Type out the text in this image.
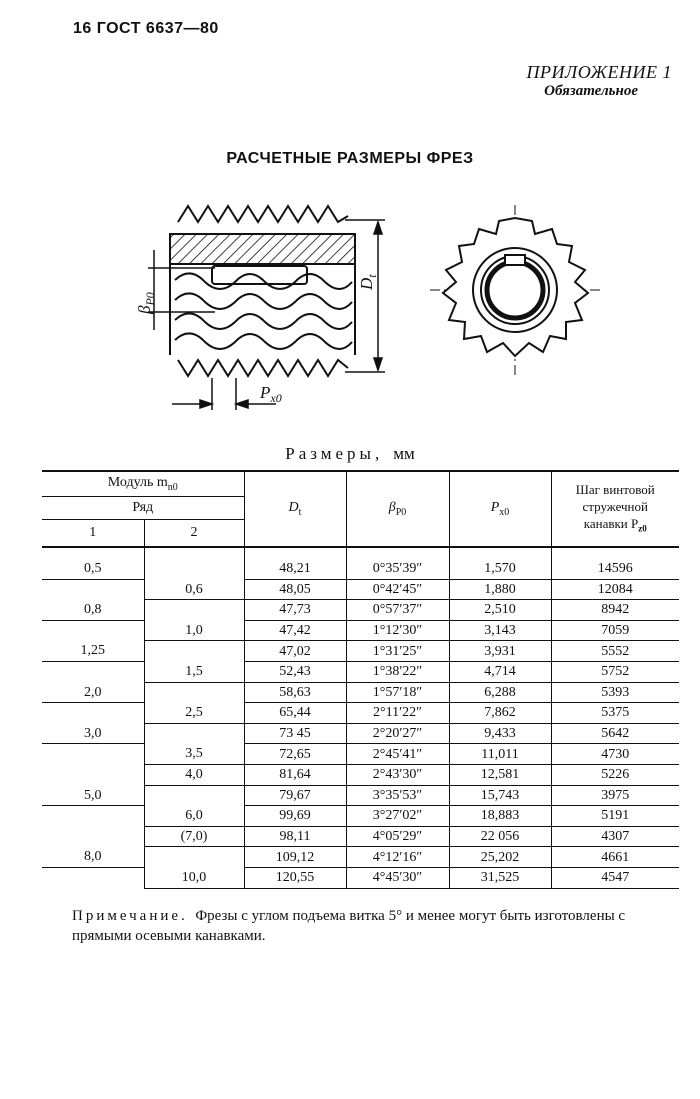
16 ГОСТ 6637—80
ПРИЛОЖЕНИЕ 1
Обязательное
РАСЧЕТНЫЕ РАЗМЕРЫ ФРЕЗ
$D_t$
$\beta_{P0}$
$P_{x0}$
Размеры, мм
Модуль $m_{n0}$		$D_t$	$\beta_{P0}$	$P_{x0}$	Шаг винтовой
стружечной
канавки $P_{z0}$
Ряд					
1	2				

0,5		48,21	0°35′39″	1,570	14596
	0,6	48,05	0°42′45″	1,880	12084
0,8		47,73	0°57′37″	2,510	8942
	1,0	47,42	1°12′30″	3,143	7059
1,25		47,02	1°31′25″	3,931	5552
	1,5	52,43	1°38′22″	4,714	5752
2,0		58,63	1°57′18″	6,288	5393
	2,5	65,44	2°11′22″	7,862	5375
3,0		73 45	2°20′27″	9,433	5642
	3,5	72,65	2°45′41″	11,011	4730
	4,0	81,64	2°43′30″	12,581	5226
5,0		79,67	3°35′53″	15,743	3975
	6,0	99,69	3°27′02″	18,883	5191
	(7,0)	98,11	4°05′29″	22 056	4307
8,0		109,12	4°12′16″	25,202	4661
	10,0	120,55	4°45′30″	31,525	4547
Примечание. Фрезы с углом подъема витка 5° и менее могут быть изготовлены с прямыми осевыми канавками.
